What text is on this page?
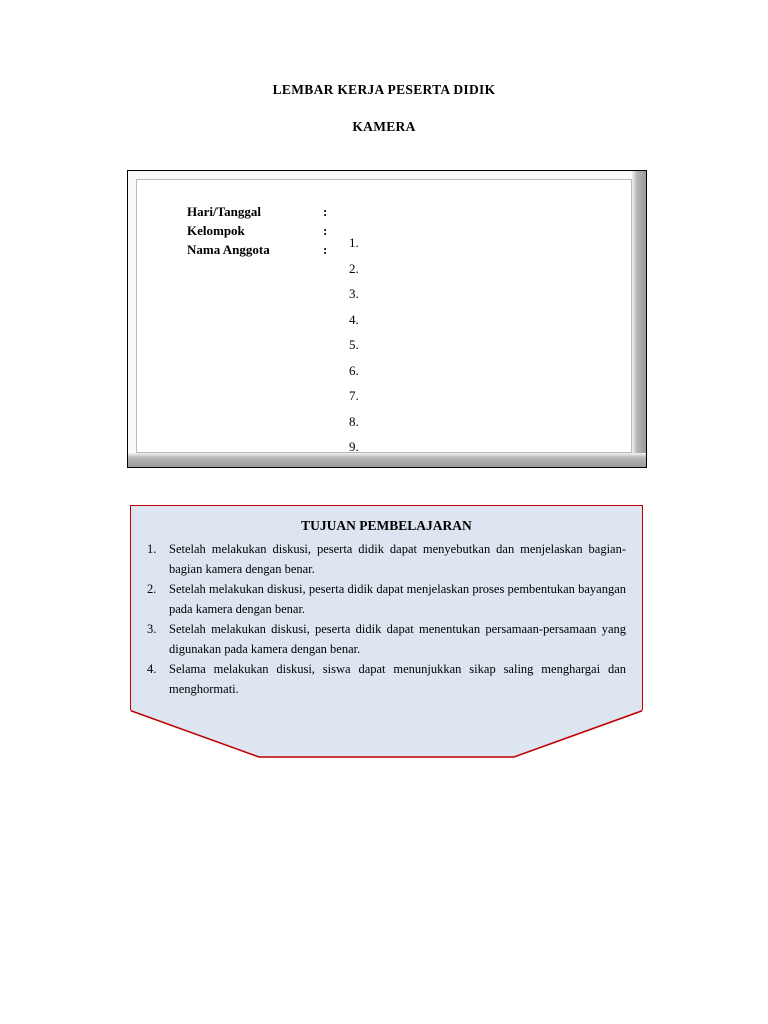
LEMBAR KERJA PESERTA DIDIK
KAMERA
Hari/Tanggal	:
Kelompok	:
Nama Anggota	:	1.
2.
3.
4.
5.
6.
7.
8.
9.
TUJUAN PEMBELAJARAN
1.	Setelah melakukan diskusi, peserta didik dapat menyebutkan dan menjelaskan bagian-bagian kamera dengan benar.
2.	Setelah melakukan diskusi, peserta didik dapat menjelaskan proses pembentukan bayangan pada kamera dengan benar.
3.	Setelah melakukan diskusi, peserta didik dapat menentukan persamaan-persamaan yang digunakan pada kamera dengan benar.
4.	Selama melakukan diskusi, siswa dapat menunjukkan sikap saling menghargai dan menghormati.
